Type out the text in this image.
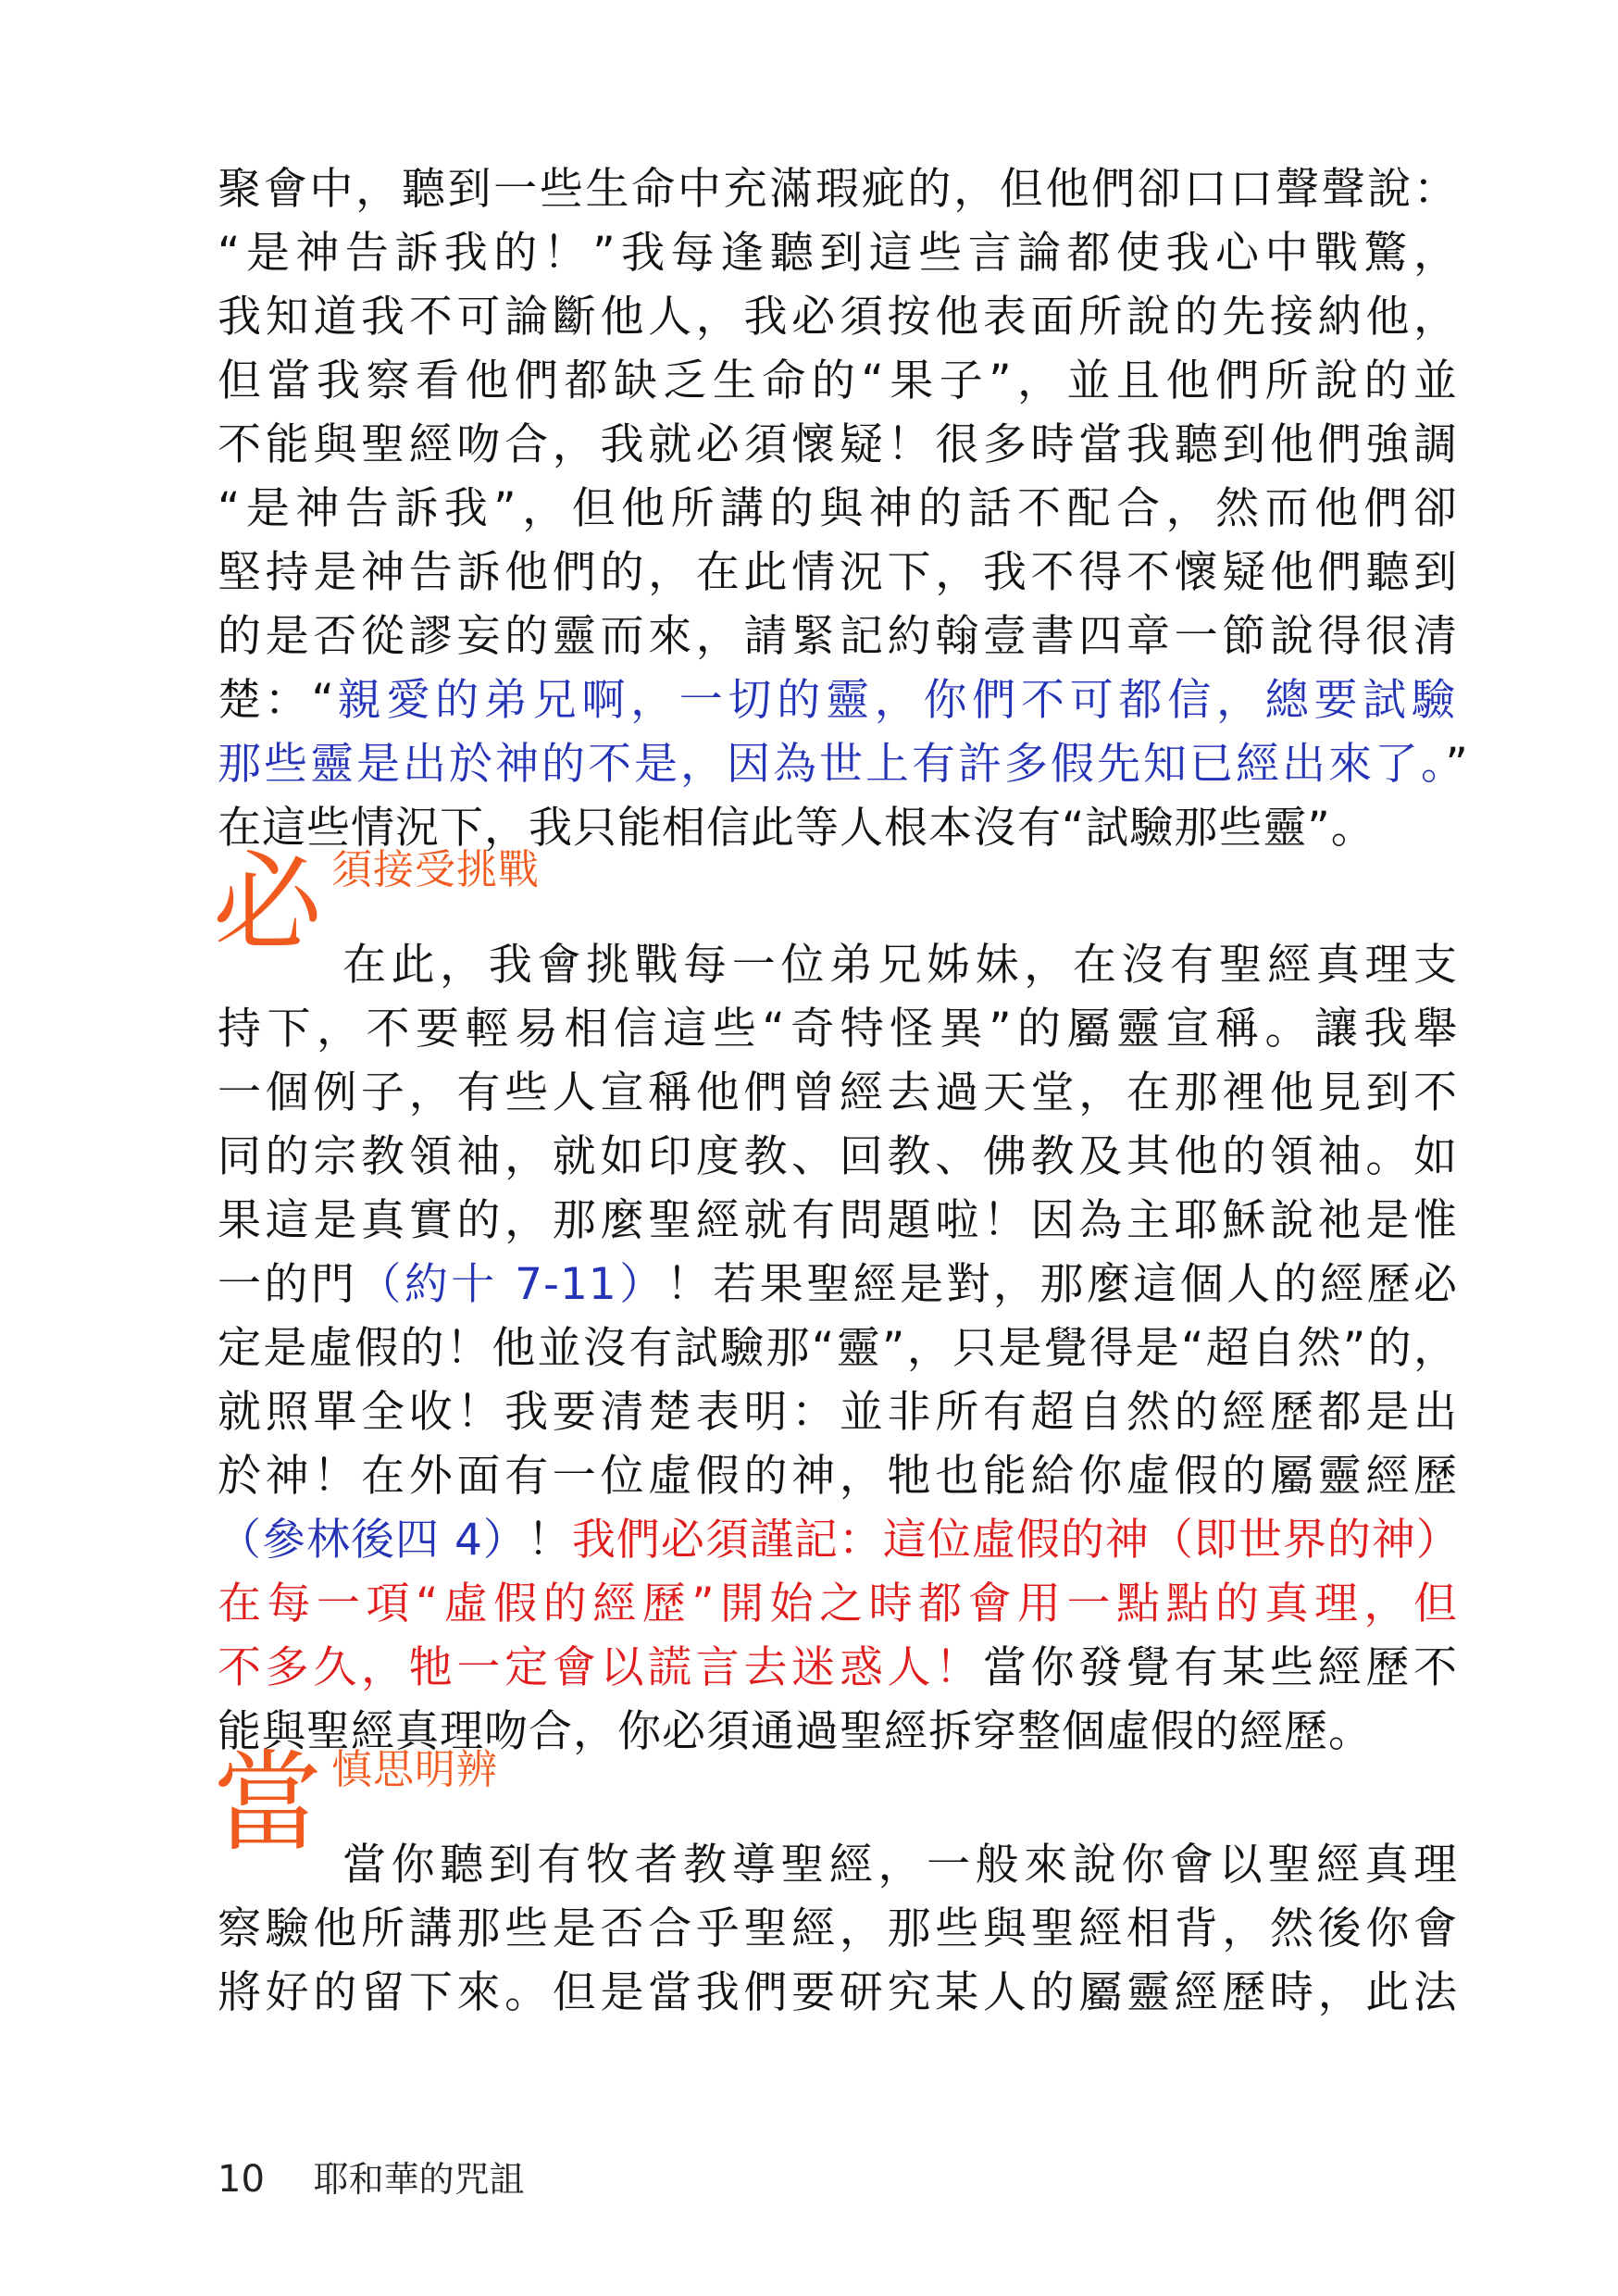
聚會中，聽到一些生命中充滿瑕疵的，但他們卻口口聲聲說：
“是神告訴我的！”我每逢聽到這些言論都使我心中戰驚，
我知道我不可論斷他人，我必須按他表面所說的先接納他，
但當我察看他們都缺乏生命的“果子”，並且他們所說的並
不能與聖經吻合，我就必須懷疑！很多時當我聽到他們強調
“是神告訴我”，但他所講的與神的話不配合，然而他們卻
堅持是神告訴他們的，在此情況下，我不得不懷疑他們聽到
的是否從謬妄的靈而來，請緊記約翰壹書四章一節說得很清
楚：“親愛的弟兄啊，一切的靈，你們不可都信，總要試驗
那些靈是出於神的不是，因為世上有許多假先知已經出來了。”
在這些情況下，我只能相信此等人根本沒有“試驗那些靈”。
必 須接受挑戰
在此，我會挑戰每一位弟兄姊妹，在沒有聖經真理支
持下，不要輕易相信這些“奇特怪異”的屬靈宣稱。讓我舉
一個例子，有些人宣稱他們曾經去過天堂，在那裡他見到不
同的宗教領袖，就如印度教、回教、佛教及其他的領袖。如
果這是真實的，那麼聖經就有問題啦！因為主耶穌說祂是惟
一的門（約十 7-11）！若果聖經是對，那麼這個人的經歷必
定是虛假的！他並沒有試驗那“靈”，只是覺得是“超自然”的，
就照單全收！我要清楚表明：並非所有超自然的經歷都是出
於神！在外面有一位虛假的神，牠也能給你虛假的屬靈經歷
（參林後四 4）！我們必須謹記：這位虛假的神（即世界的神）
在每一項“虛假的經歷”開始之時都會用一點點的真理，但
不多久，牠一定會以謊言去迷惑人！當你發覺有某些經歷不
能與聖經真理吻合，你必須通過聖經拆穿整個虛假的經歷。
當 慎思明辨
當你聽到有牧者教導聖經，一般來說你會以聖經真理
察驗他所講那些是否合乎聖經，那些與聖經相背，然後你會
將好的留下來。但是當我們要研究某人的屬靈經歷時，此法
10 耶和華的咒詛
